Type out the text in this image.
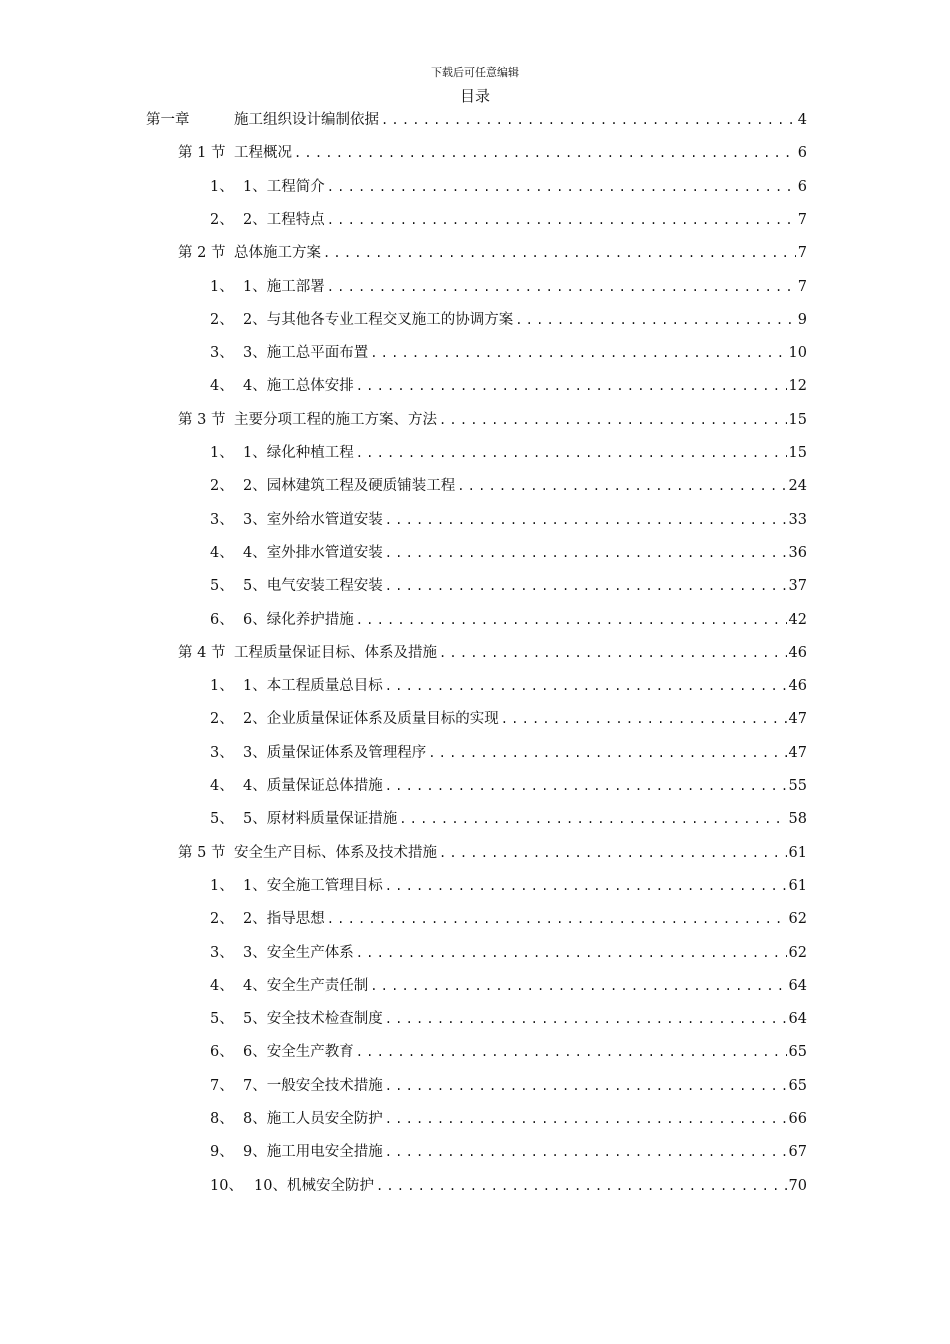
下载后可任意编辑
目录
第一章	施工组织设计编制依据 .....	4
第 1 节 工程概况 .....	6
1、 1、工程简介 .....	6
2、 2、工程特点 .....	7
第 2 节 总体施工方案 .....	7
1、 1、施工部署 .....	7
2、 2、与其他各专业工程交叉施工的协调方案 .....	9
3、 3、施工总平面布置 .....	10
4、 4、施工总体安排 .....	12
第 3 节 主要分项工程的施工方案、方法 .....	15
1、 1、绿化种植工程 .....	15
2、 2、园林建筑工程及硬质铺装工程 .....	24
3、 3、室外给水管道安装 .....	33
4、 4、室外排水管道安装 .....	36
5、 5、电气安装工程安装 .....	37
6、 6、绿化养护措施 .....	42
第 4 节 工程质量保证目标、体系及措施 .....	46
1、 1、本工程质量总目标 .....	46
2、 2、企业质量保证体系及质量目标的实现 .....	47
3、 3、质量保证体系及管理程序 .....	47
4、 4、质量保证总体措施 .....	55
5、 5、原材料质量保证措施 .....	58
第 5 节 安全生产目标、体系及技术措施 .....	61
1、 1、安全施工管理目标 .....	61
2、 2、指导思想 .....	62
3、 3、安全生产体系 .....	62
4、 4、安全生产责任制 .....	64
5、 5、安全技术检查制度 .....	64
6、 6、安全生产教育 .....	65
7、 7、一般安全技术措施 .....	65
8、 8、施工人员安全防护 .....	66
9、 9、施工用电安全措施 .....	67
10、 10、机械安全防护 .....	70
